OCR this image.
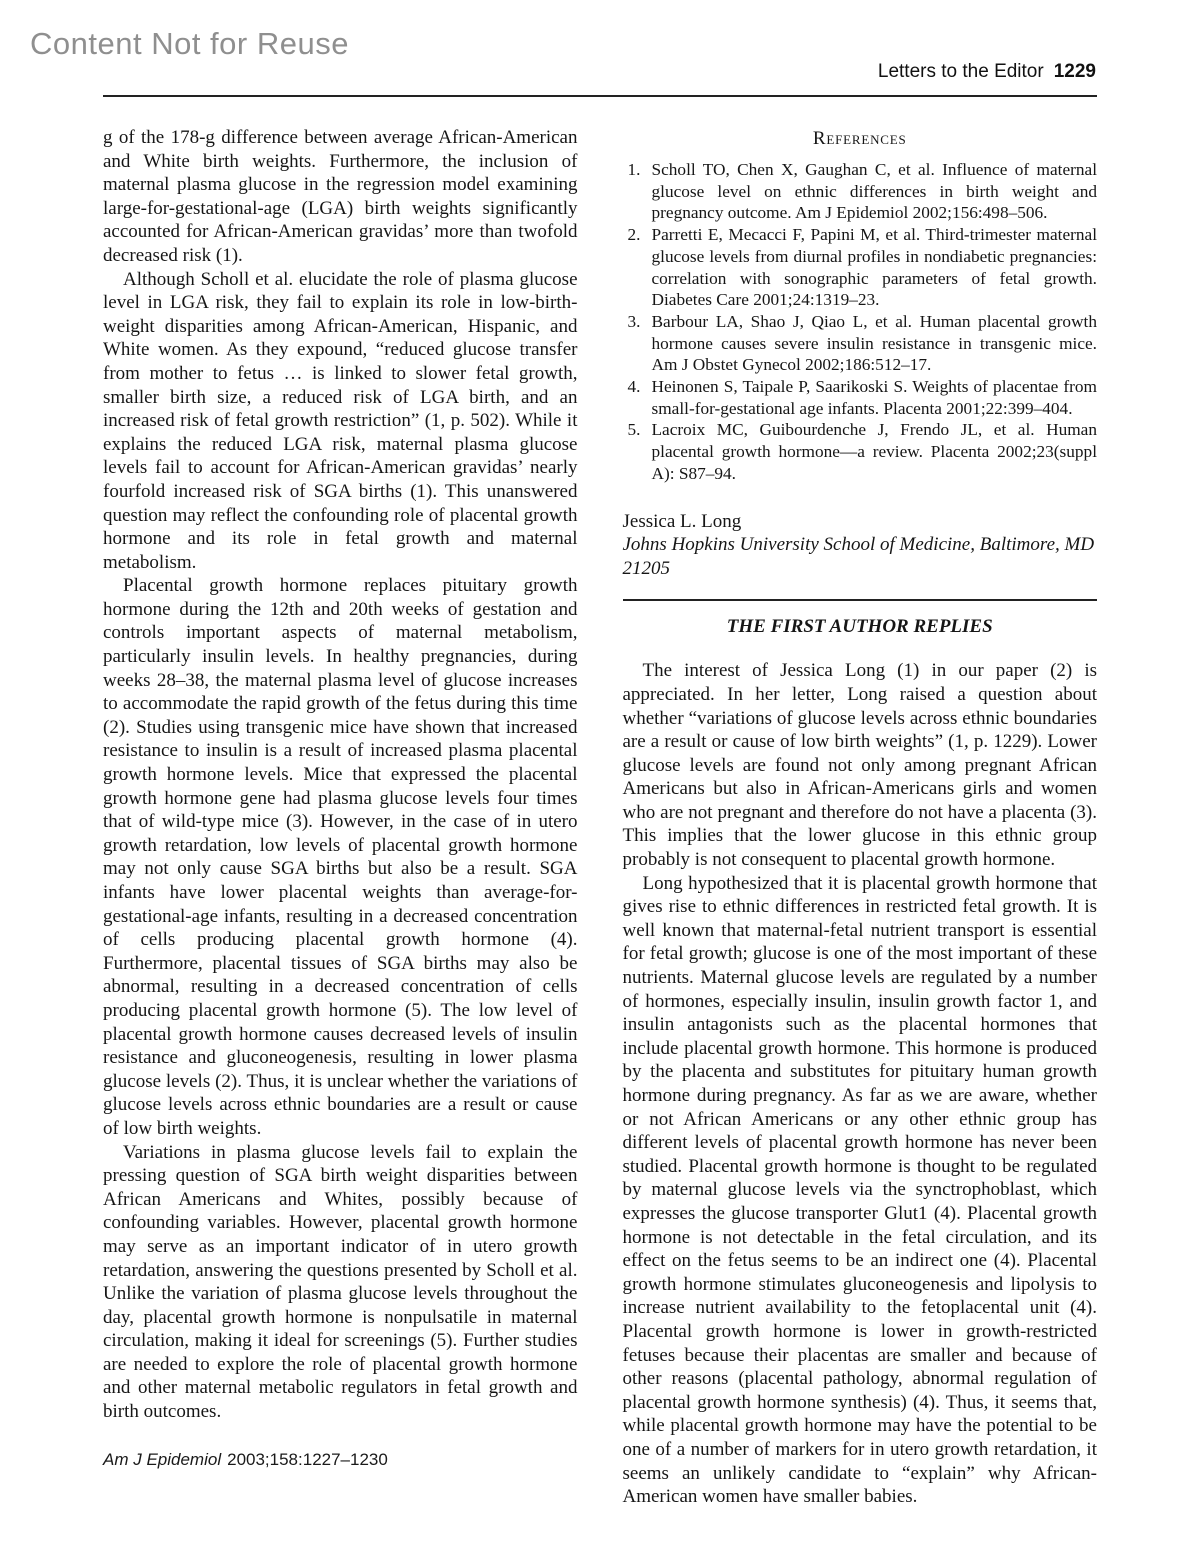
Content Not for Reuse
Letters to the Editor 1229

g of the 178-g difference between average African-American and White birth weights. Furthermore, the inclusion of maternal plasma glucose in the regression model examining large-for-gestational-age (LGA) birth weights significantly accounted for African-American gravidas’ more than twofold decreased risk (1).

Although Scholl et al. elucidate the role of plasma glucose level in LGA risk, they fail to explain its role in low-birth-weight disparities among African-American, Hispanic, and White women. As they expound, “reduced glucose transfer from mother to fetus … is linked to slower fetal growth, smaller birth size, a reduced risk of LGA birth, and an increased risk of fetal growth restriction” (1, p. 502). While it explains the reduced LGA risk, maternal plasma glucose levels fail to account for African-American gravidas’ nearly fourfold increased risk of SGA births (1). This unanswered question may reflect the confounding role of placental growth hormone and its role in fetal growth and maternal metabolism.

Placental growth hormone replaces pituitary growth hormone during the 12th and 20th weeks of gestation and controls important aspects of maternal metabolism, particularly insulin levels. In healthy pregnancies, during weeks 28–38, the maternal plasma level of glucose increases to accommodate the rapid growth of the fetus during this time (2). Studies using transgenic mice have shown that increased resistance to insulin is a result of increased plasma placental growth hormone levels. Mice that expressed the placental growth hormone gene had plasma glucose levels four times that of wild-type mice (3). However, in the case of in utero growth retardation, low levels of placental growth hormone may not only cause SGA births but also be a result. SGA infants have lower placental weights than average-for-gestational-age infants, resulting in a decreased concentration of cells producing placental growth hormone (4). Furthermore, placental tissues of SGA births may also be abnormal, resulting in a decreased concentration of cells producing placental growth hormone (5). The low level of placental growth hormone causes decreased levels of insulin resistance and gluconeogenesis, resulting in lower plasma glucose levels (2). Thus, it is unclear whether the variations of glucose levels across ethnic boundaries are a result or cause of low birth weights.

Variations in plasma glucose levels fail to explain the pressing question of SGA birth weight disparities between African Americans and Whites, possibly because of confounding variables. However, placental growth hormone may serve as an important indicator of in utero growth retardation, answering the questions presented by Scholl et al. Unlike the variation of plasma glucose levels throughout the day, placental growth hormone is nonpulsatile in maternal circulation, making it ideal for screenings (5). Further studies are needed to explore the role of placental growth hormone and other maternal metabolic regulators in fetal growth and birth outcomes.

Am J Epidemiol 2003;158:1227–1230
References
1. Scholl TO, Chen X, Gaughan C, et al. Influence of maternal glucose level on ethnic differences in birth weight and pregnancy outcome. Am J Epidemiol 2002;156:498–506.
2. Parretti E, Mecacci F, Papini M, et al. Third-trimester maternal glucose levels from diurnal profiles in nondiabetic pregnancies: correlation with sonographic parameters of fetal growth. Diabetes Care 2001;24:1319–23.
3. Barbour LA, Shao J, Qiao L, et al. Human placental growth hormone causes severe insulin resistance in transgenic mice. Am J Obstet Gynecol 2002;186:512–17.
4. Heinonen S, Taipale P, Saarikoski S. Weights of placentae from small-for-gestational age infants. Placenta 2001;22:399–404.
5. Lacroix MC, Guibourdenche J, Frendo JL, et al. Human placental growth hormone—a review. Placenta 2002;23(suppl A): S87–94.
Jessica L. Long
Johns Hopkins University School of Medicine, Baltimore, MD 21205
THE FIRST AUTHOR REPLIES

The interest of Jessica Long (1) in our paper (2) is appreciated. In her letter, Long raised a question about whether “variations of glucose levels across ethnic boundaries are a result or cause of low birth weights” (1, p. 1229). Lower glucose levels are found not only among pregnant African Americans but also in African-Americans girls and women who are not pregnant and therefore do not have a placenta (3). This implies that the lower glucose in this ethnic group probably is not consequent to placental growth hormone.

Long hypothesized that it is placental growth hormone that gives rise to ethnic differences in restricted fetal growth. It is well known that maternal-fetal nutrient transport is essential for fetal growth; glucose is one of the most important of these nutrients. Maternal glucose levels are regulated by a number of hormones, especially insulin, insulin growth factor 1, and insulin antagonists such as the placental hormones that include placental growth hormone. This hormone is produced by the placenta and substitutes for pituitary human growth hormone during pregnancy. As far as we are aware, whether or not African Americans or any other ethnic group has different levels of placental growth hormone has never been studied. Placental growth hormone is thought to be regulated by maternal glucose levels via the synctrophoblast, which expresses the glucose transporter Glut1 (4). Placental growth hormone is not detectable in the fetal circulation, and its effect on the fetus seems to be an indirect one (4). Placental growth hormone stimulates gluconeogenesis and lipolysis to increase nutrient availability to the fetoplacental unit (4). Placental growth hormone is lower in growth-restricted fetuses because their placentas are smaller and because of other reasons (placental pathology, abnormal regulation of placental growth hormone synthesis) (4). Thus, it seems that, while placental growth hormone may have the potential to be one of a number of markers for in utero growth retardation, it seems an unlikely candidate to “explain” why African-American women have smaller babies.
